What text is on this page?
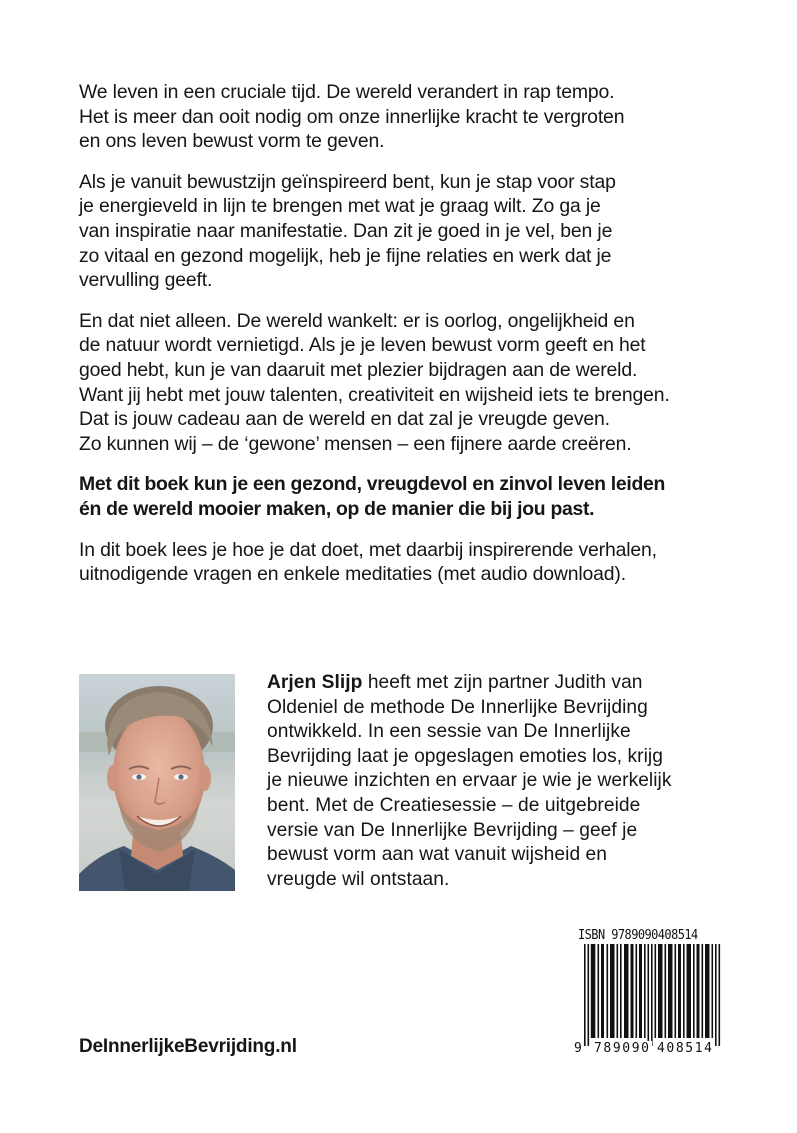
We leven in een cruciale tijd. De wereld verandert in rap tempo.
Het is meer dan ooit nodig om onze innerlijke kracht te vergroten
en ons leven bewust vorm te geven.

Als je vanuit bewustzijn geïnspireerd bent, kun je stap voor stap
je energieveld in lijn te brengen met wat je graag wilt. Zo ga je
van inspiratie naar manifestatie. Dan zit je goed in je vel, ben je
zo vitaal en gezond mogelijk, heb je fijne relaties en werk dat je
vervulling geeft.

En dat niet alleen. De wereld wankelt: er is oorlog, ongelijkheid en
de natuur wordt vernietigd. Als je je leven bewust vorm geeft en het
goed hebt, kun je van daaruit met plezier bijdragen aan de wereld.
Want jij hebt met jouw talenten, creativiteit en wijsheid iets te brengen.
Dat is jouw cadeau aan de wereld en dat zal je vreugde geven.
Zo kunnen wij – de ‘gewone’ mensen – een fijnere aarde creëren.

Met dit boek kun je een gezond, vreugdevol en zinvol leven leiden
én de wereld mooier maken, op de manier die bij jou past.

In dit boek lees je hoe je dat doet, met daarbij inspirerende verhalen,
uitnodigende vragen en enkele meditaties (met audio download).

Arjen Slijp heeft met zijn partner Judith van
Oldeniel de methode De Innerlijke Bevrijding
ontwikkeld. In een sessie van De Innerlijke
Bevrijding laat je opgeslagen emoties los, krijg
je nieuwe inzichten en ervaar je wie je werkelijk
bent. Met de Creatiesessie – de uitgebreide
versie van De Innerlijke Bevrijding – geef je
bewust vorm aan wat vanuit wijsheid en
vreugde wil ontstaan.
DeInnerlijkeBevrijding.nl
ISBN 9789090408514
9 789090 408514
